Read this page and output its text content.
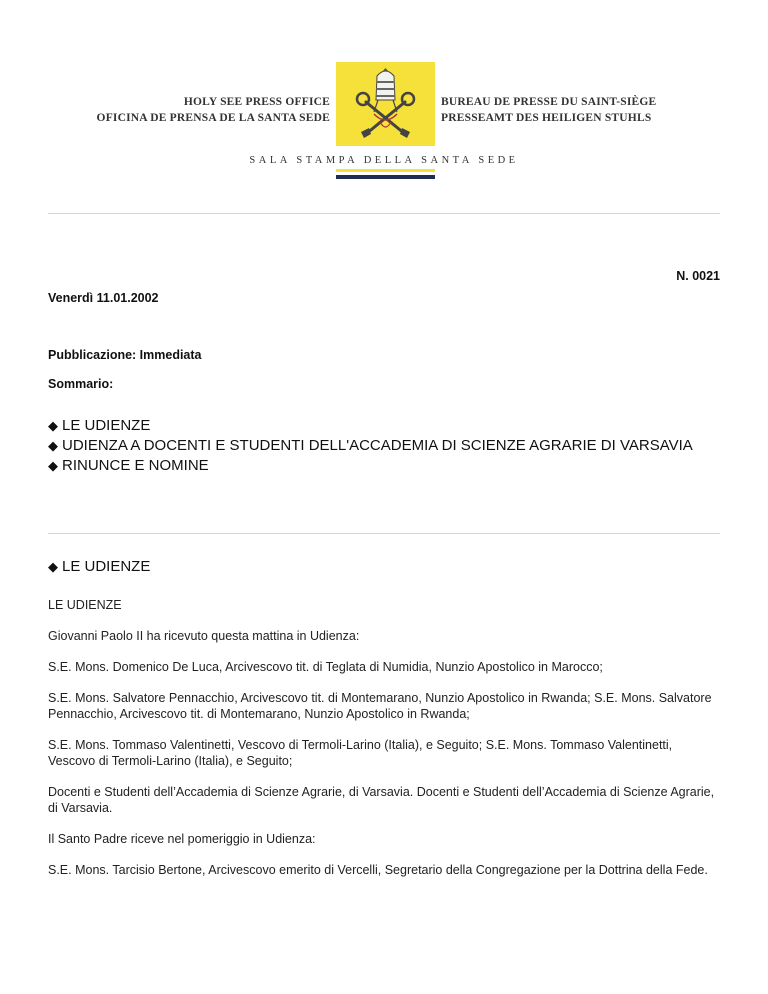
HOLY SEE PRESS OFFICE
OFICINA DE PRENSA DE LA SANTA SEDE
BUREAU DE PRESSE DU SAINT-SIÈGE
PRESSEAMT DES HEILIGEN STUHLS
SALA STAMPA DELLA SANTA SEDE
N. 0021
Venerdì 11.01.2002
Pubblicazione: Immediata
Sommario:
◆ LE UDIENZE
◆ UDIENZA A DOCENTI E STUDENTI DELL'ACCADEMIA DI SCIENZE AGRARIE DI VARSAVIA
◆ RINUNCE E NOMINE
◆ LE UDIENZE

LE UDIENZE

Giovanni Paolo II ha ricevuto questa mattina in Udienza:

S.E. Mons. Domenico De Luca, Arcivescovo tit. di Teglata di Numidia, Nunzio Apostolico in Marocco;

S.E. Mons. Salvatore Pennacchio, Arcivescovo tit. di Montemarano, Nunzio Apostolico in Rwanda; S.E. Mons. Salvatore Pennacchio, Arcivescovo tit. di Montemarano, Nunzio Apostolico in Rwanda;

S.E. Mons. Tommaso Valentinetti, Vescovo di Termoli-Larino (Italia), e Seguito; S.E. Mons. Tommaso Valentinetti, Vescovo di Termoli-Larino (Italia), e Seguito;

Docenti e Studenti dell’Accademia di Scienze Agrarie, di Varsavia. Docenti e Studenti dell’Accademia di Scienze Agrarie, di Varsavia.

Il Santo Padre riceve nel pomeriggio in Udienza:

S.E. Mons. Tarcisio Bertone, Arcivescovo emerito di Vercelli, Segretario della Congregazione per la Dottrina della Fede.
